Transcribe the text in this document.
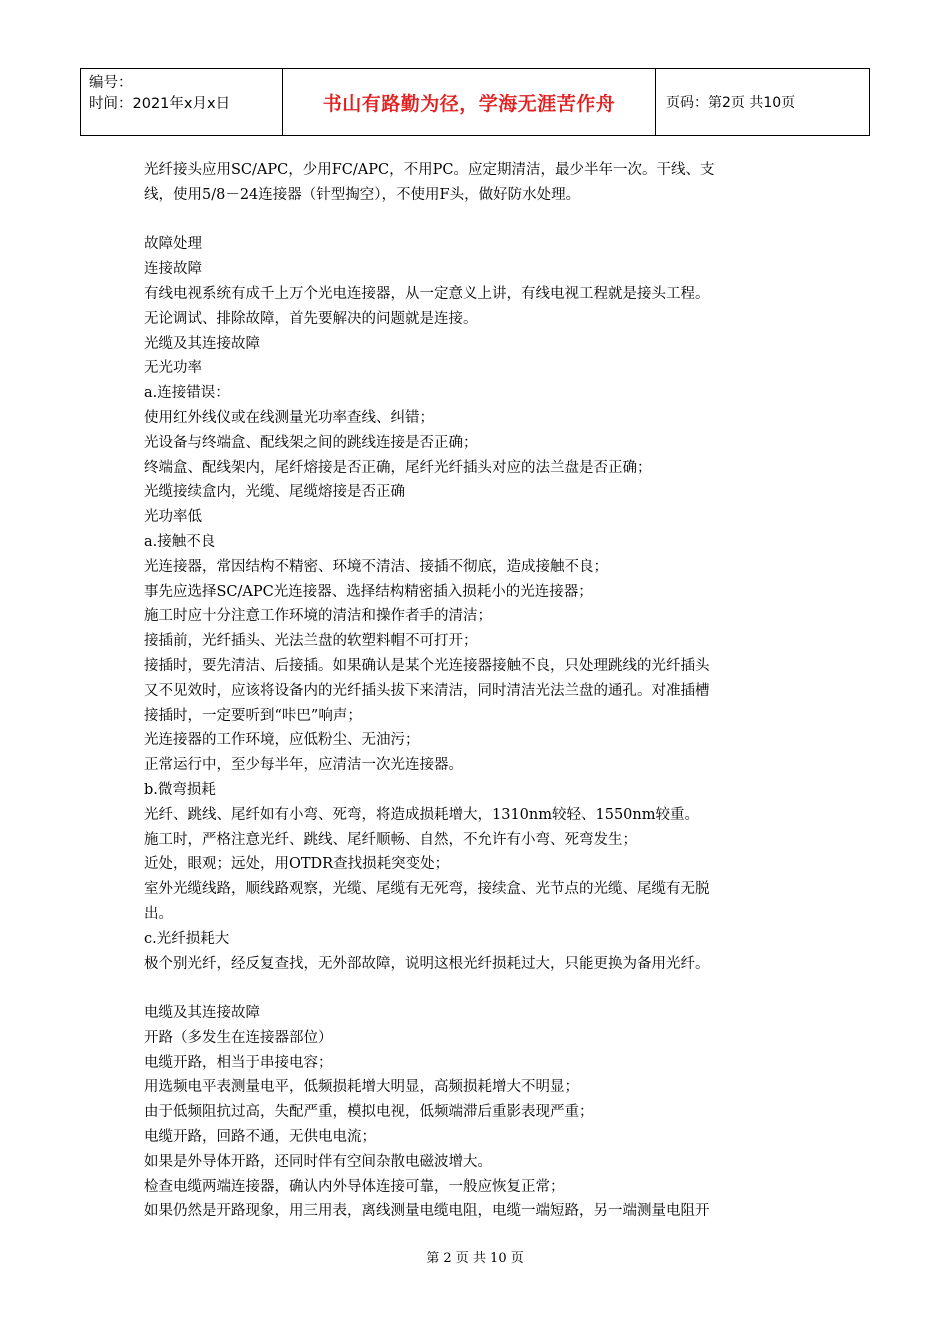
编号：
时间：2021年x月x日	书山有路勤为径，学海无涯苦作舟	页码：第2页 共10页

光纤接头应用SC/APC，少用FC/APC，不用PC。应定期清洁，最少半年一次。干线、支

线，使用5/8－24连接器（针型掏空），不使用F头，做好防水处理。

故障处理

连接故障

有线电视系统有成千上万个光电连接器，从一定意义上讲，有线电视工程就是接头工程。

无论调试、排除故障，首先要解决的问题就是连接。

光缆及其连接故障

无光功率

a.连接错误：

使用红外线仪或在线测量光功率查线、纠错；

光设备与终端盒、配线架之间的跳线连接是否正确；

终端盒、配线架内，尾纤熔接是否正确，尾纤光纤插头对应的法兰盘是否正确；

光缆接续盒内，光缆、尾缆熔接是否正确

光功率低

a.接触不良

光连接器，常因结构不精密、环境不清洁、接插不彻底，造成接触不良；

事先应选择SC/APC光连接器、选择结构精密插入损耗小的光连接器；

施工时应十分注意工作环境的清洁和操作者手的清洁；

接插前，光纤插头、光法兰盘的软塑料帽不可打开；

接插时，要先清洁、后接插。如果确认是某个光连接器接触不良，只处理跳线的光纤插头

又不见效时，应该将设备内的光纤插头拔下来清洁，同时清洁光法兰盘的通孔。对准插槽

接插时，一定要听到“咔巴”响声；

光连接器的工作环境，应低粉尘、无油污；

正常运行中，至少每半年，应清洁一次光连接器。

b.微弯损耗

光纤、跳线、尾纤如有小弯、死弯，将造成损耗增大，1310nm较轻、1550nm较重。

施工时，严格注意光纤、跳线、尾纤顺畅、自然，不允许有小弯、死弯发生；

近处，眼观；远处，用OTDR查找损耗突变处；

室外光缆线路，顺线路观察，光缆、尾缆有无死弯，接续盒、光节点的光缆、尾缆有无脱

出。

c.光纤损耗大

极个别光纤，经反复查找，无外部故障，说明这根光纤损耗过大，只能更换为备用光纤。

电缆及其连接故障

开路（多发生在连接器部位）

电缆开路，相当于串接电容；

用选频电平表测量电平，低频损耗增大明显，高频损耗增大不明显；

由于低频阻抗过高，失配严重，模拟电视，低频端滞后重影表现严重；

电缆开路，回路不通，无供电电流；

如果是外导体开路，还同时伴有空间杂散电磁波增大。

检查电缆两端连接器，确认内外导体连接可靠，一般应恢复正常；

如果仍然是开路现象，用三用表，离线测量电缆电阻，电缆一端短路，另一端测量电阻开

第 2 页 共 10 页
